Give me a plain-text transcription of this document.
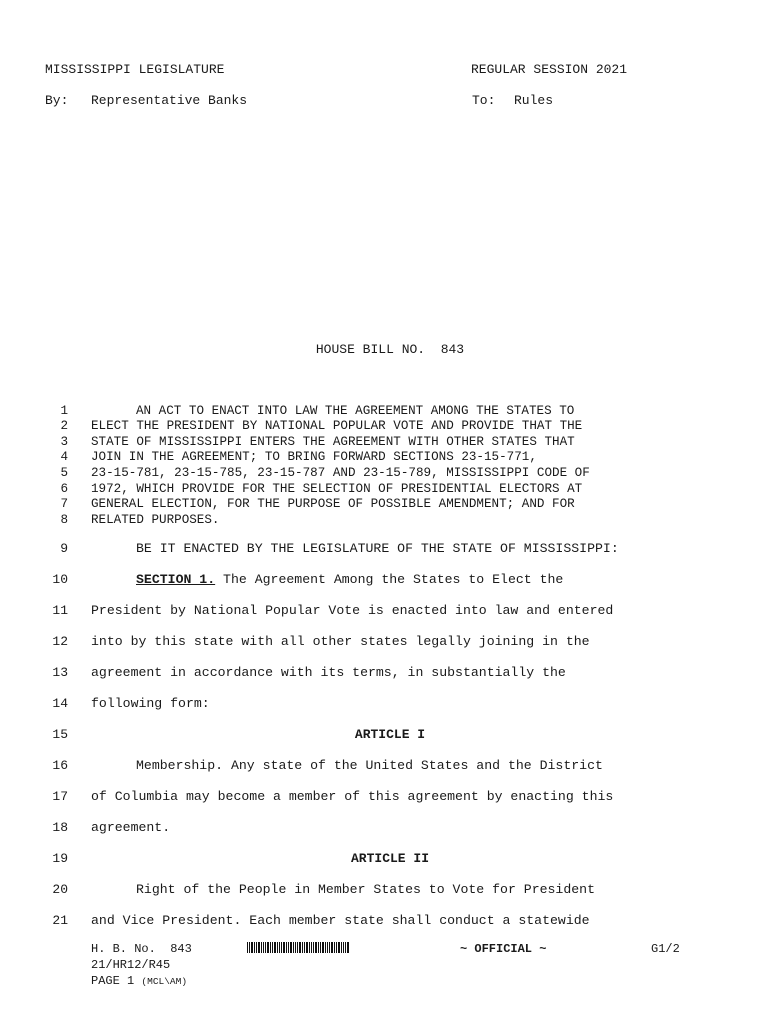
MISSISSIPPI LEGISLATURE	REGULAR SESSION 2021
By: Representative Banks	To: Rules
HOUSE BILL NO.  843
1	AN ACT TO ENACT INTO LAW THE AGREEMENT AMONG THE STATES TO
2 ELECT THE PRESIDENT BY NATIONAL POPULAR VOTE AND PROVIDE THAT THE
3 STATE OF MISSISSIPPI ENTERS THE AGREEMENT WITH OTHER STATES THAT
4 JOIN IN THE AGREEMENT; TO BRING FORWARD SECTIONS 23-15-771,
5 23-15-781, 23-15-785, 23-15-787 AND 23-15-789, MISSISSIPPI CODE OF
6 1972, WHICH PROVIDE FOR THE SELECTION OF PRESIDENTIAL ELECTORS AT
7 GENERAL ELECTION, FOR THE PURPOSE OF POSSIBLE AMENDMENT; AND FOR
8 RELATED PURPOSES.
9	BE IT ENACTED BY THE LEGISLATURE OF THE STATE OF MISSISSIPPI:
10	SECTION 1. The Agreement Among the States to Elect the
11 President by National Popular Vote is enacted into law and entered
12 into by this state with all other states legally joining in the
13 agreement in accordance with its terms, in substantially the
14 following form:
15	ARTICLE I
16	Membership. Any state of the United States and the District
17 of Columbia may become a member of this agreement by enacting this
18 agreement.
19	ARTICLE II
20	Right of the People in Member States to Vote for President
21 and Vice President. Each member state shall conduct a statewide
H. B. No.  843	~ OFFICIAL ~	G1/2
21/HR12/R45
PAGE 1 (MCL\AM)
